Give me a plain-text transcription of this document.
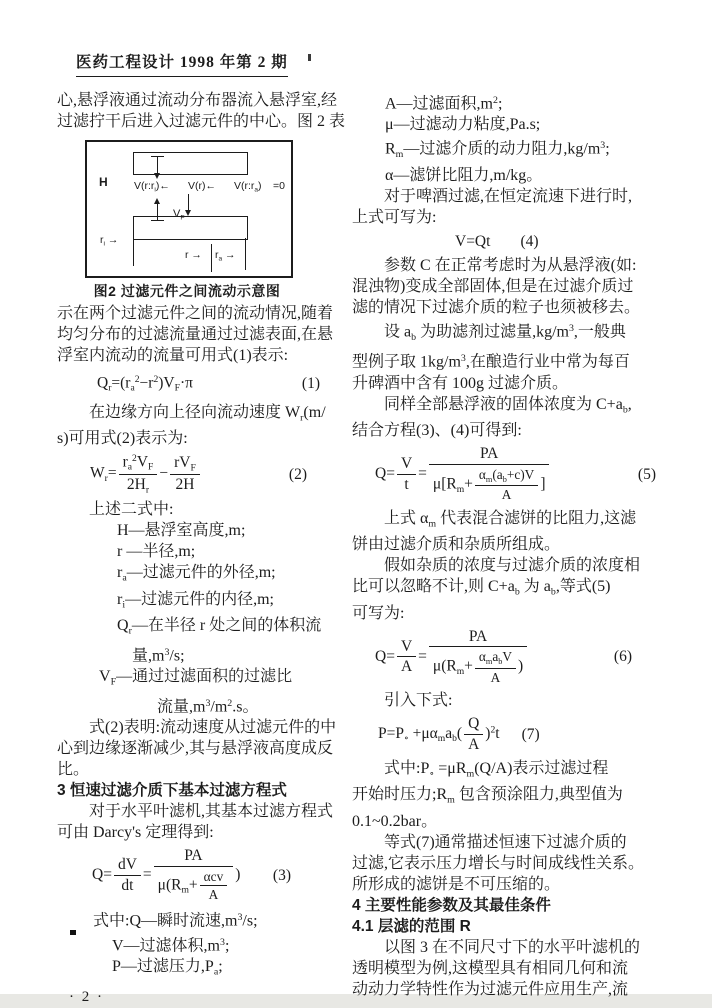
医药工程设计 1998 年第 2 期
心,悬浮液通过流动分布器流入悬浮室,经
过滤拧干后进入过滤元件的中心。图 2 表
H	$V(r:r_i)\leftarrow$ V(r)← $V(r:r_a) =0$
$V_F$
$r_i$ →
$r \to r_a$ →
图2 过滤元件之间流动示意图
示在两个过滤元件之间的流动情况,随着
均匀分布的过滤流量通过过滤表面,在悬
浮室内流动的流量可用式(1)表示:
$Q_r=(r_a^2-r^2)V_F\cdot\pi$	(1)
在边缘方向上径向流动速度 $W_r(m/$
s)可用式(2)表示为:
$W_r= \frac{r_a^2V_F}{2H_r} - \frac{rV_F}{2H}$	(2)
上述二式中:
H—悬浮室高度,m;
r —半径,m;
$r_a—$过滤元件的外径,m;
$r_i—$过滤元件的内径,m;
$Q_r—$在半径 r 处之间的体积流
量$,m^3/s$;
$V_F—$通过过滤面积的过滤比
流量$,m^3/m^2.s$。
式(2)表明:流动速度从过滤元件的中
心到边缘逐渐减少,其与悬浮液高度成反
比。
3 恒速过滤介质下基本过滤方程式
对于水平叶滤机,其基本过滤方程式
可由 Darcy's 定理得到:
$Q= \frac{dV}{dt} = \frac{PA}{\mu(R_m+ \frac{\text{αcv}}{A}}$ ) (3)
式中:Q—瞬时流速$,m^3/s$;
V—过滤体积$,m^3$;
P—过滤压力$,P_a$;
· 2 ·
A—过滤面积$,m^2$;
μ—过滤动力粘度,Pa.s;
$R_m—$过滤介质的动力阻力$,kg/m^3$;
α—滤饼比阻力,m/kg。
对于啤酒过滤,在恒定流速下进行时,
上式可写为:
V=Qt (4)
参数 C 在正常考虑时为从悬浮液(如:
混浊物)变成全部固体,但是在过滤介质过
滤的情况下过滤介质的粒子也须被移去。
设 $a_b$ 为助滤剂过滤量$,kg/m^3$,一般典
型例子取 $1kg/m^3$,在酿造行业中常为每百
升碑酒中含有 100g 过滤介质。
同样全部悬浮液的固体浓度为 $C+a_b$,
结合方程(3)、(4)可得到:
$Q= \frac{V}{t} = \frac{PA}{\mu[R_m+ \frac{\alpha_m(a_b+c)V}{A} ]}$	(5)
上式 $\alpha_m$ 代表混合滤饼的比阻力,这滤
饼由过滤介质和杂质所组成。
假如杂质的浓度与过滤介质的浓度相
比可以忽略不计,则 $C+a_b$ 为 $a_b$,等式(5)
可写为:
$Q= \frac{V}{A} = \frac{PA}{\mu(R_m+ \frac{\alpha_ma_bV}{A} )}$	(6)
引入下式:
$P=P_\circ +\mu\alpha_ma_b( \frac{Q}{A} )^2t$ (7)
式中$:P_\circ =\mu R_m(Q/A)$表示过滤过程
开始时压力$;R_m$ 包含预涂阻力,典型值为
0.1~0.2bar。
等式(7)通常描述恒速下过滤介质的
过滤,它表示压力增长与时间成线性关系。
所形成的滤饼是不可压缩的。
4 主要性能参数及其最佳条件
4.1 层滤的范围 R
以图 3 在不同尺寸下的水平叶滤机的
透明模型为例,这模型具有相同几何和流
动动力学特性作为过滤元件应用生产,流
